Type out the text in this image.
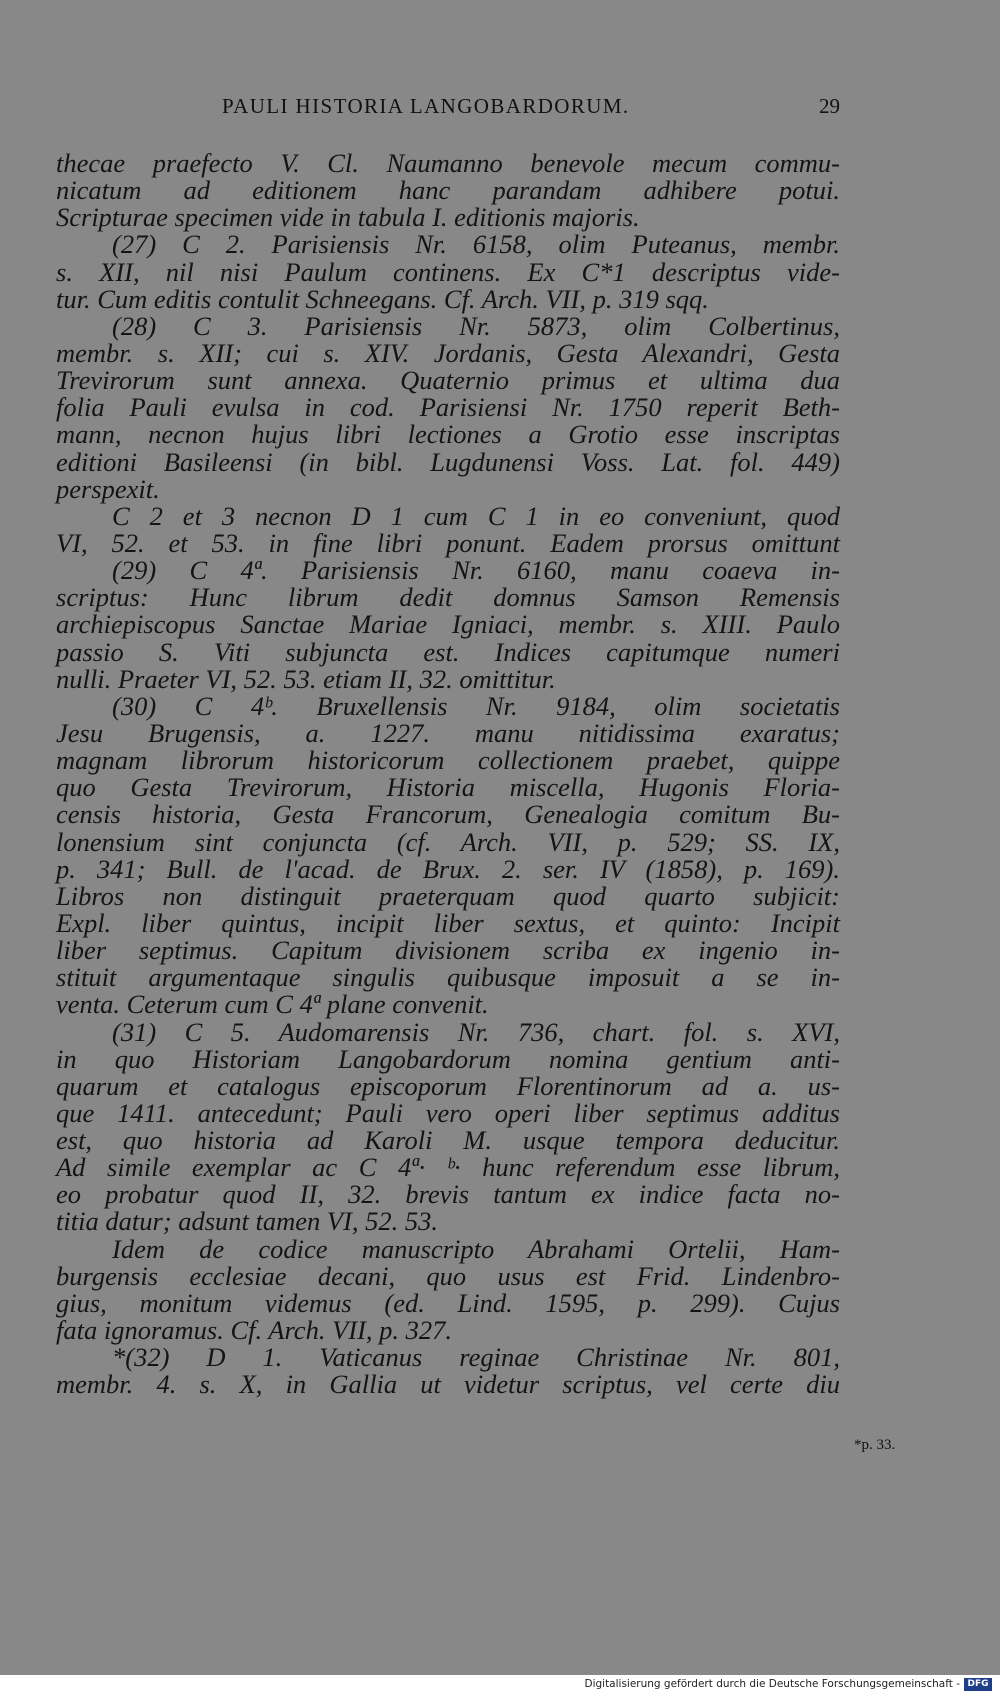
PAULI HISTORIA LANGOBARDORUM.	29
thecae praefecto V. Cl. Naumanno benevole mecum commu-
nicatum ad editionem hanc parandam adhibere potui.
Scripturae specimen vide in tabula I. editionis majoris.
(27) C 2. Parisiensis Nr. 6158, olim Puteanus, membr.
s. XII, nil nisi Paulum continens. Ex C*1 descriptus vide-
tur. Cum editis contulit Schneegans. Cf. Arch. VII, p. 319 sqq.
(28) C 3. Parisiensis Nr. 5873, olim Colbertinus,
membr. s. XII; cui s. XIV. Jordanis, Gesta Alexandri, Gesta
Trevirorum sunt annexa. Quaternio primus et ultima dua
folia Pauli evulsa in cod. Parisiensi Nr. 1750 reperit Beth-
mann, necnon hujus libri lectiones a Grotio esse inscriptas
editioni Basileensi (in bibl. Lugdunensi Voss. Lat. fol. 449)
perspexit.
C 2 et 3 necnon D 1 cum C 1 in eo conveniunt, quod
VI, 52. et 53. in fine libri ponunt. Eadem prorsus omittunt
(29) C 4ª. Parisiensis Nr. 6160, manu coaeva in-
scriptus: Hunc librum dedit domnus Samson Remensis
archiepiscopus Sanctae Mariae Igniaci, membr. s. XIII. Paulo
passio S. Viti subjuncta est. Indices capitumque numeri
nulli. Praeter VI, 52. 53. etiam II, 32. omittitur.
(30) C 4ᵇ. Bruxellensis Nr. 9184, olim societatis
Jesu Brugensis, a. 1227. manu nitidissima exaratus;
magnam librorum historicorum collectionem praebet, quippe
quo Gesta Trevirorum, Historia miscella, Hugonis Floria-
censis historia, Gesta Francorum, Genealogia comitum Bu-
lonensium sint conjuncta (cf. Arch. VII, p. 529; SS. IX,
p. 341; Bull. de l'acad. de Brux. 2. ser. IV (1858), p. 169).
Libros non distinguit praeterquam quod quarto subjicit:
Expl. liber quintus, incipit liber sextus, et quinto: Incipit
liber septimus. Capitum divisionem scriba ex ingenio in-
stituit argumentaque singulis quibusque imposuit a se in-
venta. Ceterum cum C 4ª plane convenit.
(31) C 5. Audomarensis Nr. 736, chart. fol. s. XVI,
in quo Historiam Langobardorum nomina gentium anti-
quarum et catalogus episcoporum Florentinorum ad a. us-
que 1411. antecedunt; Pauli vero operi liber septimus additus
est, quo historia ad Karoli M. usque tempora deducitur.
Ad simile exemplar ac C 4ª· ᵇ· hunc referendum esse librum,
eo probatur quod II, 32. brevis tantum ex indice facta no-
titia datur; adsunt tamen VI, 52. 53.
Idem de codice manuscripto Abrahami Ortelii, Ham-
burgensis ecclesiae decani, quo usus est Frid. Lindenbro-
gius, monitum videmus (ed. Lind. 1595, p. 299). Cujus
fata ignoramus. Cf. Arch. VII, p. 327.
*(32) D 1. Vaticanus reginae Christinae Nr. 801,
membr. 4. s. X, in Gallia ut videtur scriptus, vel certe diu
*p. 33.
Digitalisierung gefördert durch die Deutsche Forschungsgemeinschaft - DFG
